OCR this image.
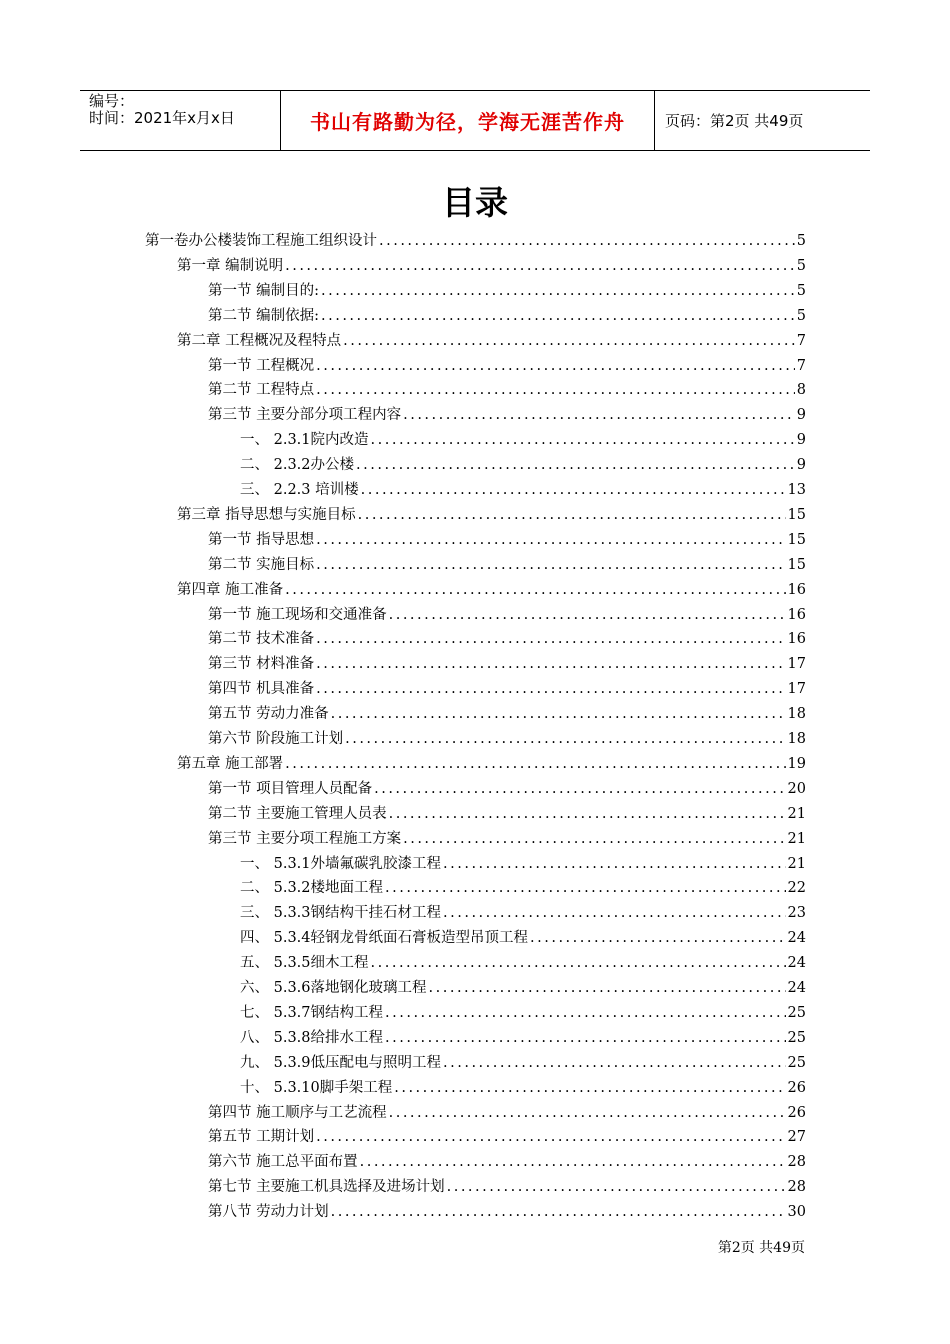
编号：
时间：2021年x月x日	书山有路勤为径，学海无涯苦作舟	页码：第2页 共49页
目录
第一卷办公楼装饰工程施工组织设计 .....	5
第一章 编制说明 .....	5
第一节 编制目的: .....	5
第二节 编制依据: .....	5
第二章 工程概况及程特点 .....	7
第一节 工程概况 .....	7
第二节 工程特点 .....	8
第三节 主要分部分项工程内容 .....	9
一、 2.3.1院内改造 .....	9
二、 2.3.2办公楼 .....	9
三、 2.2.3 培训楼 .....	13
第三章 指导思想与实施目标 .....	15
第一节 指导思想 .....	15
第二节 实施目标 .....	15
第四章 施工准备 .....	16
第一节 施工现场和交通准备 .....	16
第二节 技术准备 .....	16
第三节 材料准备 .....	17
第四节 机具准备 .....	17
第五节 劳动力准备 .....	18
第六节 阶段施工计划 .....	18
第五章 施工部署 .....	19
第一节 项目管理人员配备 .....	20
第二节 主要施工管理人员表 .....	21
第三节 主要分项工程施工方案 .....	21
一、 5.3.1外墙氟碳乳胶漆工程 .....	21
二、 5.3.2楼地面工程 .....	22
三、 5.3.3钢结构干挂石材工程 .....	23
四、 5.3.4轻钢龙骨纸面石膏板造型吊顶工程 .....	24
五、 5.3.5细木工程 .....	24
六、 5.3.6落地钢化玻璃工程 .....	24
七、 5.3.7钢结构工程 .....	25
八、 5.3.8给排水工程 .....	25
九、 5.3.9低压配电与照明工程 .....	25
十、 5.3.10脚手架工程 .....	26
第四节 施工顺序与工艺流程 .....	26
第五节 工期计划 .....	27
第六节 施工总平面布置 .....	28
第七节 主要施工机具选择及进场计划 .....	28
第八节 劳动力计划 .....	30
第2页 共49页
